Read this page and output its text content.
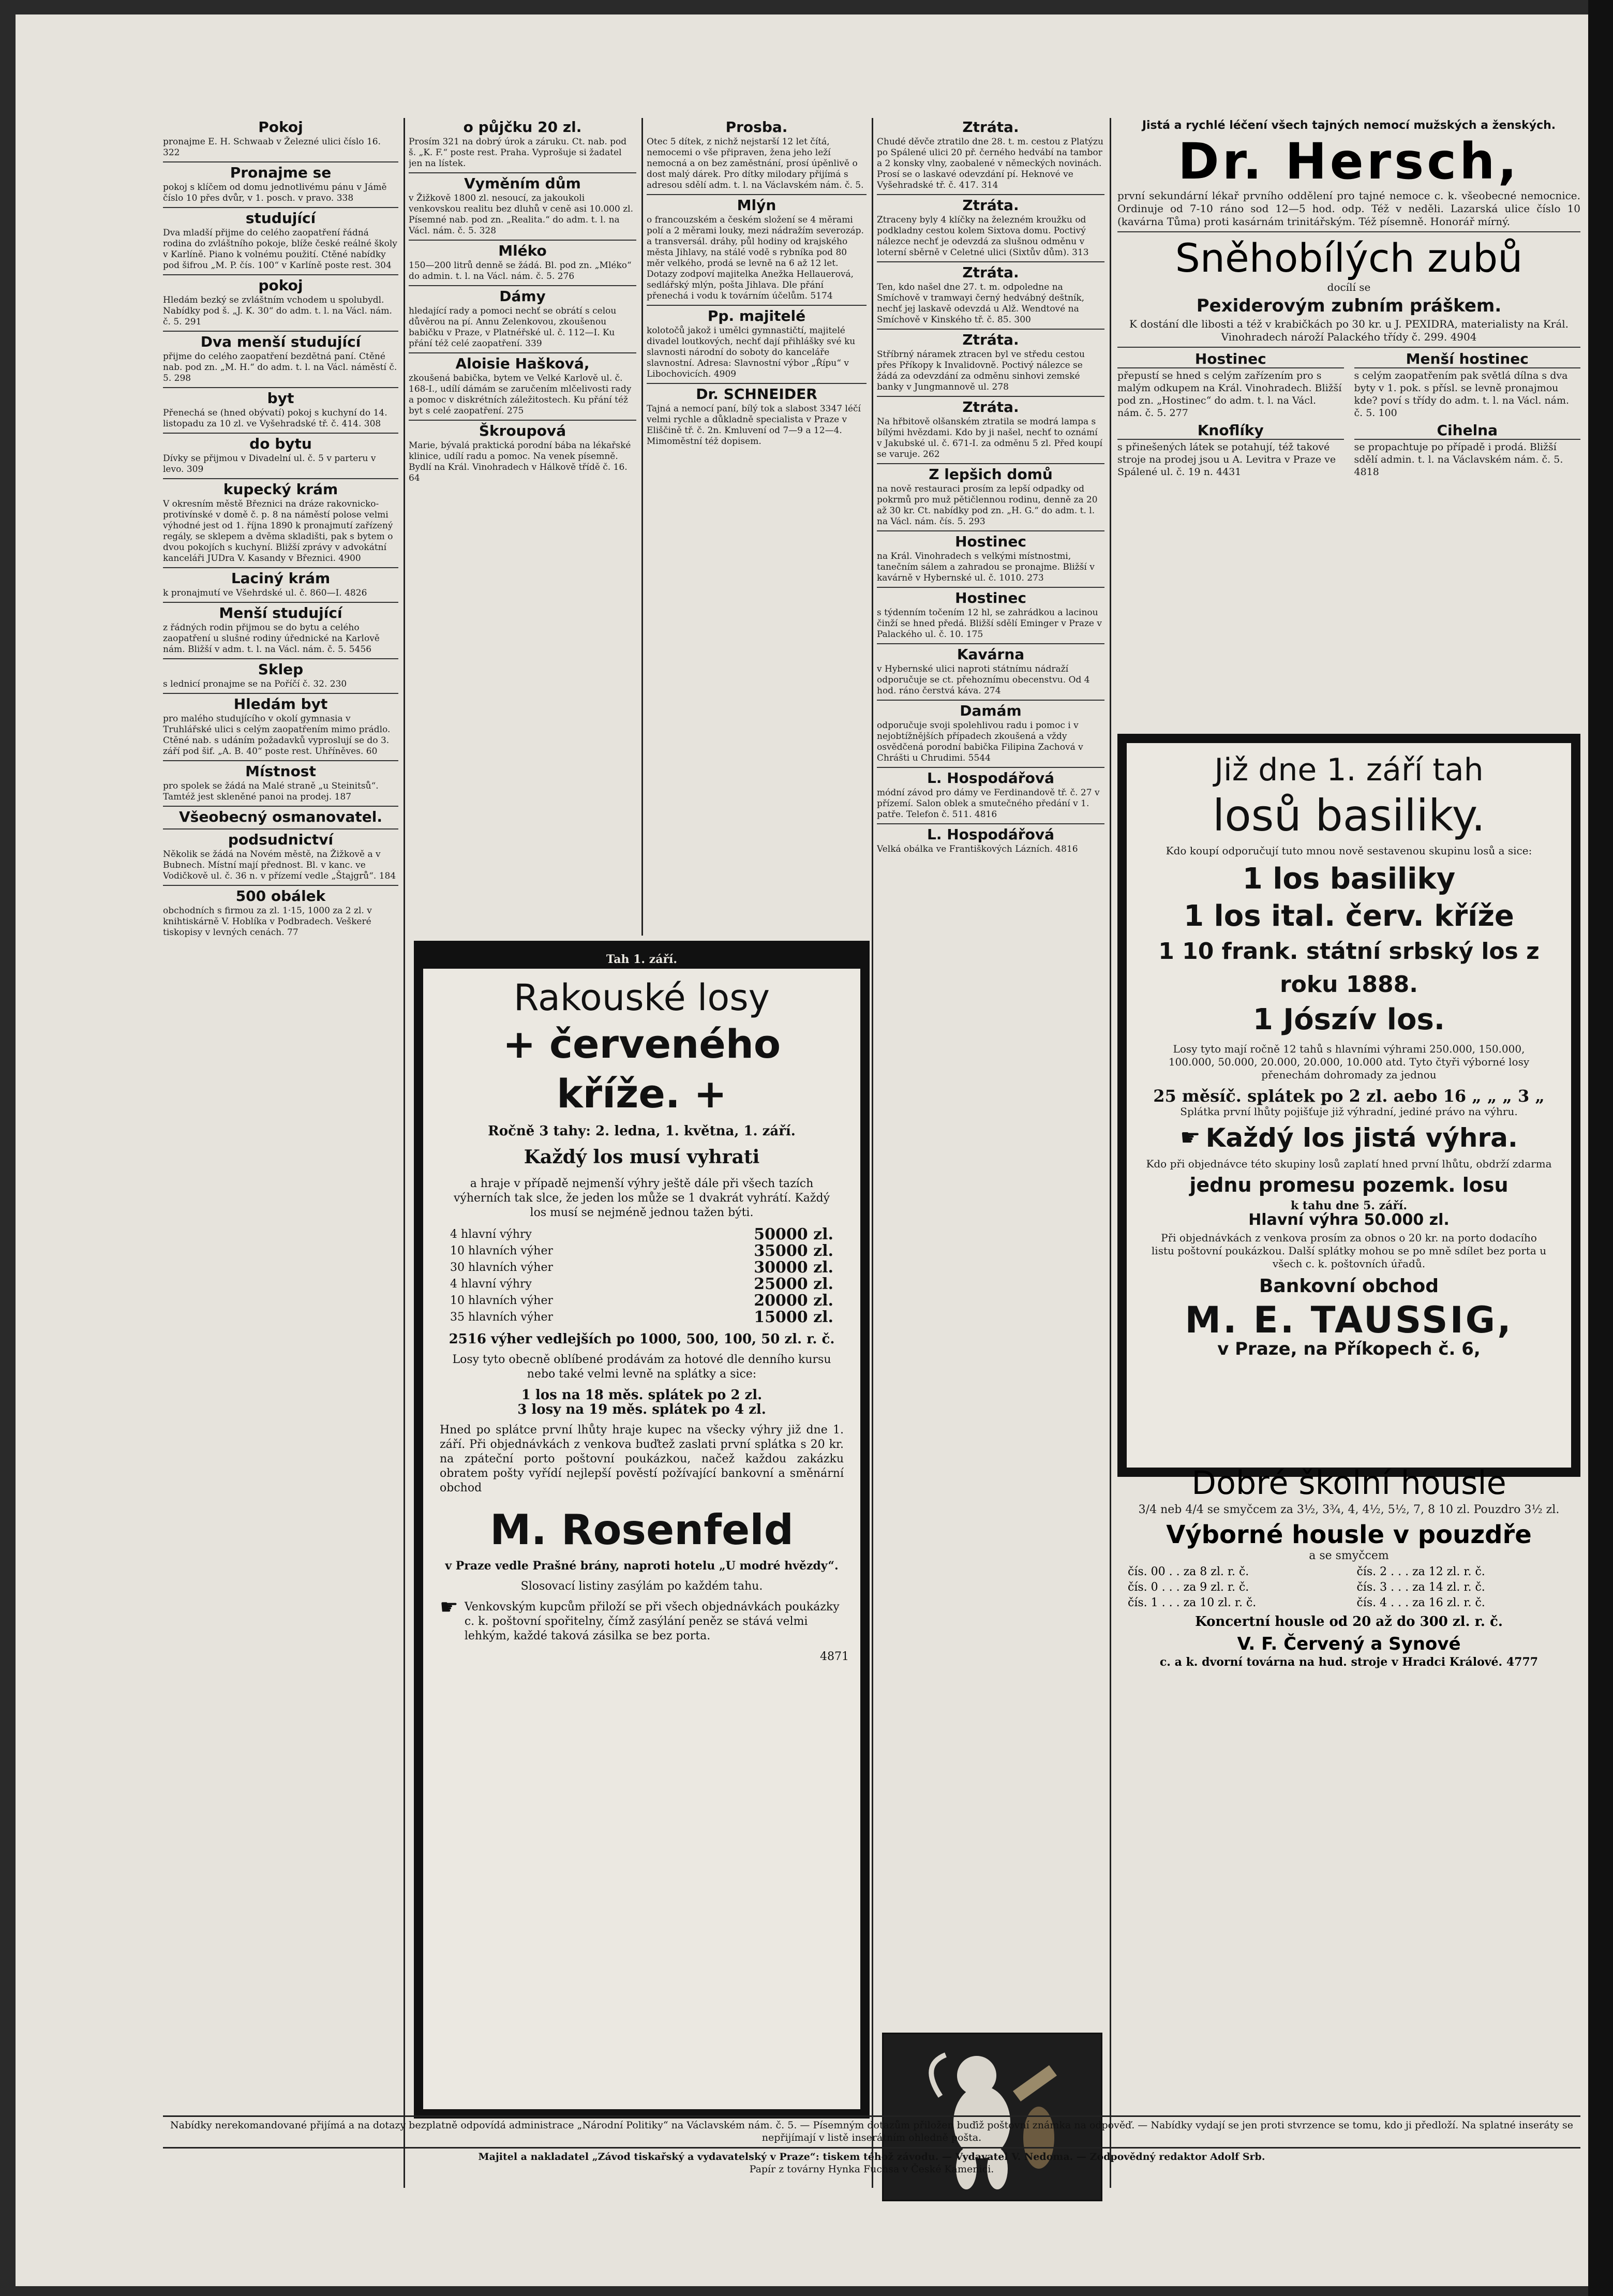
Pokoj
pronajme E. H. Schwaab v Železné ulici číslo 16. 322
Pronajme se
pokoj s klíčem od domu jednotlivému pánu v Jámě číslo 10 přes dvůr, v 1. posch. v pravo. 338
studující
Dva mladší přijme do celého zaopatření řádná rodina do zvláštního pokoje, blíže české reálné školy v Karlíně. Piano k volnému použití. Ctěné nabídky pod šifrou „M. P. čís. 100“ v Karlíně poste rest. 304
pokoj
Hledám bezký se zvláštním vchodem u spolubydl. Nabídky pod š. „J. K. 30“ do adm. t. l. na Václ. nám. č. 5. 291
Dva menší studující
přijme do celého zaopatření bezdětná paní. Ctěné nab. pod zn. „M. H.“ do adm. t. l. na Václ. náměstí č. 5. 298
byt
Přenechá se (hned obývatí) pokoj s kuchyní do 14. listopadu za 10 zl. ve Vyšehradské tř. č. 414. 308
do bytu
Dívky se přijmou v Divadelní ul. č. 5 v parteru v levo. 309
kupecký krám
V okresním městě Březnici na dráze rakovnicko-protivínské v domě č. p. 8 na náměstí polose velmi výhodné jest od 1. října 1890 k pronajmutí zařízený regály, se sklepem a dvěma skladišti, pak s bytem o dvou pokojích s kuchyní. Bližší zprávy v advokátní kanceláři JUDra V. Kasandy v Březnici. 4900
Laciný krám
k pronajmutí ve Všehrdské ul. č. 860—I. 4826
Menší studující
z řádných rodin přijmou se do bytu a celého zaopatření u slušné rodiny úřednické na Karlově nám. Bližší v adm. t. l. na Václ. nám. č. 5. 5456
Sklep
s lednicí pronajme se na Poříčí č. 32. 230
Hledám byt
pro malého studujícího v okolí gymnasia v Truhlářské ulici s celým zaopatřením mimo prádlo. Ctěné nab. s udáním požadavků vyproslují se do 3. září pod šif. „A. B. 40“ poste rest. Uhříněves. 60
Místnost
pro spolek se žádá na Malé straně „u Steinitsů“. Tamtéž jest skleněné panoi na prodej. 187
Všeobecný osmanovatel.
podsudnictví
Několik se žádá na Novém městě, na Žižkově a v Bubnech. Místní mají přednost. Bl. v kanc. ve Vodičkově ul. č. 36 n. v přízemí vedle „Štajgrů“. 184
500 obálek
obchodních s firmou za zl. 1·15, 1000 za 2 zl. v knihtiskárně V. Hoblíka v Podbradech. Veškeré tiskopisy v levných cenách. 77
o půjčku 20 zl.
Prosím 321 na dobrý úrok a záruku. Ct. nab. pod š. „K. F.“ poste rest. Praha. Vyprošuje si žadatel jen na lístek.
Vyměním dům
v Žižkově 1800 zl. nesoucí, za jakoukoli venkovskou realitu bez dluhů v ceně asi 10.000 zl. Písemné nab. pod zn. „Realita.“ do adm. t. l. na Václ. nám. č. 5. 328
Mléko
150—200 litrů denně se žádá. Bl. pod zn. „Mléko“ do admin. t. l. na Václ. nám. č. 5. 276
Dámy
hledající rady a pomoci nechť se obrátí s celou důvěrou na pí. Annu Zelenkovou, zkoušenou babičku v Praze, v Platnéřské ul. č. 112—I. Ku přání též celé zaopatření. 339
Aloisie Hašková,
zkoušená babička, bytem ve Velké Karlově ul. č. 168-I., udílí dámám se zaručením mlčelivosti rady a pomoc v diskrétních záležitostech. Ku přání též byt s celé zaopatření. 275
Škroupová
Marie, bývalá praktická porodní bába na lékařské klinice, udílí radu a pomoc. Na venek písemně. Bydlí na Král. Vinohradech v Hálkově třídě č. 16. 64
Prosba.
Otec 5 dítek, z nichž nejstarší 12 let čítá, nemocemi o vše připraven, žena jeho leží nemocná a on bez zaměstnání, prosí úpěnlivě o dost malý dárek. Pro dítky milodary přijímá s adresou sdělí adm. t. l. na Václavském nám. č. 5.
Mlýn
o francouzském a českém složení se 4 měrami polí a 2 měrami louky, mezi nádražím severozáp. a transversál. dráhy, půl hodiny od krajského města Jihlavy, na stálé vodě s rybníka pod 80 měr velkého, prodá se levně na 6 až 12 let. Dotazy zodpoví majitelka Anežka Hellauerová, sedlářský mlýn, pošta Jihlava. Dle přání přenechá i vodu k továrním účelům. 5174
Pp. majitelé
kolotočů jakož i umělci gymnastičtí, majitelé divadel loutkových, nechť dají přihlášky své ku slavnosti národní do soboty do kanceláře slavnostní. Adresa: Slavnostní výbor „Řípu“ v Libochovicích. 4909
Dr. SCHNEIDER
Tajná a nemocí paní, bílý tok a slabost 3347 léčí velmi rychle a důkladně specialista v Praze v Eliščině tř. č. 2n. Kmluvení od 7—9 a 12—4. Mimoměstní též dopisem.
Tah 1. září.
Rakouské losy
+ červeného kříže. +
Ročně 3 tahy: 2. ledna, 1. května, 1. září.
Každý los musí vyhrati
a hraje v případě nejmenší výhry ještě dále při všech tazích výherních tak slce, že jeden los může se 1 dvakrát vyhrátí. Každý los musí se nejméně jednou tažen býti.
4 hlavní výhry	50000 zl.
10 hlavních výher	35000 zl.
30 hlavních výher	30000 zl.
4 hlavní výhry	25000 zl.
10 hlavních výher	20000 zl.
35 hlavních výher	15000 zl.
2516 výher vedlejších po 1000, 500, 100, 50 zl. r. č.
Losy tyto obecně oblíbené prodávám za hotové dle denního kursu nebo také velmi levně na splátky a sice:
1 los na 18 měs. splátek po 2 zl.
3 losy na 19 měs. splátek po 4 zl.
Hned po splátce první lhůty hraje kupec na všecky výhry již dne 1. září. Při objednávkách z venkova buďtež zaslati první splátka s 20 kr. na zpáteční porto poštovní poukázkou, načež každou zakázku obratem pošty vyřídí nejlepší pověstí požívající bankovní a směnární obchod
M. Rosenfeld
v Praze vedle Prašné brány, naproti hotelu „U modré hvězdy“.
Slosovací listiny zasýlám po každém tahu.
☛ Venkovským kupcům přiloží se při všech objednávkách poukázky c. k. poštovní spořitelny, čímž zasýlání peněz se stává velmi lehkým, každé taková zásilka se bez porta.
4871
Ztráta.
Chudé děvče ztratilo dne 28. t. m. cestou z Platýzu po Spálené ulici 20 př. černého hedvábí na tambor a 2 konsky vlny, zaobalené v německých novinách. Prosí se o laskavé odevzdání pí. Heknové ve Vyšehradské tř. č. 417. 314
Ztráta.
Ztraceny byly 4 klíčky na železném kroužku od podkladny cestou kolem Sixtova domu. Poctivý nálezce nechť je odevzdá za slušnou odměnu v loterní sběrně v Celetné ulici (Sixtův dům). 313
Ztráta.
Ten, kdo našel dne 27. t. m. odpoledne na Smíchově v tramwayi černý hedvábný deštník, nechť jej laskavě odevzdá u Alž. Wendtové na Smíchově v Kinského tř. č. 85. 300
Ztráta.
Stříbrný náramek ztracen byl ve středu cestou přes Příkopy k Invalidovně. Poctivý nálezce se žádá za odevzdání za odměnu sinhovi zemské banky v Jungmannově ul. 278
Ztráta.
Na hřbitově olšanském ztratila se modrá lampa s bílými hvězdami. Kdo by ji našel, nechť to oznámí v Jakubské ul. č. 671-I. za odměnu 5 zl. Před koupí se varuje. 262
Z lepšich domů
na nově restauraci prosím za lepší odpadky od pokrmů pro muž pětičlennou rodinu, denně za 20 až 30 kr. Ct. nabídky pod zn. „H. G.“ do adm. t. l. na Václ. nám. čís. 5. 293
Hostinec
na Král. Vinohradech s velkými místnostmi, tanečním sálem a zahradou se pronajme. Bližší v kavárně v Hybernské ul. č. 1010. 273
Hostinec
s týdenním točením 12 hl, se zahrádkou a lacinou činží se hned předá. Bližší sdělí Eminger v Praze v Palackého ul. č. 10. 175
Kavárna
v Hybernské ulici naproti státnímu nádraží odporučuje se ct. přehoznímu obecenstvu. Od 4 hod. ráno čerstvá káva. 274
Damám
odporučuje svoji spolehlivou radu i pomoc i v nejobtížnějších případech zkoušená a vždy osvědčená porodní babička Filipina Zachová v Chrášti u Chrudimi. 5544
L. Hospodářová
módní závod pro dámy ve Ferdinandově tř. č. 27 v přízemí. Salon oblek a smutečného předání v 1. patře. Telefon č. 511. 4816
L. Hospodářová
Velká obálka ve Františkových Lázních. 4816
Jistá a rychlé léčení všech tajných nemocí mužských a ženských.
Dr. Hersch,
první sekundární lékař prvního oddělení pro tajné nemoce c. k. všeobecné nemocnice. Ordinuje od 7-10 ráno sod 12—5 hod. odp. Též v neděli. Lazarská ulice číslo 10 (kavárna Tůma) proti kasárnám trinitářským. Též písemně. Honorář mírný.
Sněhobílých zubů
docílí se
Pexiderovým zubním práškem.
K dostání dle libosti a též v krabičkách po 30 kr. u J. PEXIDRA, materialisty na Král. Vinohradech nároží Palackého třídy č. 299. 4904
Hostinec
přepustí se hned s celým zařízením pro s malým odkupem na Král. Vinohradech. Bližší pod zn. „Hostinec“ do adm. t. l. na Václ. nám. č. 5. 277
Menší hostinec
s celým zaopatřením pak světlá dílna s dva byty v 1. pok. s přísl. se levně pronajmou kde? poví s třídy do adm. t. l. na Václ. nám. č. 5. 100
Knoflíky
s přinešených látek se potahují, též takové stroje na prodej jsou u A. Levitra v Praze ve Spálené ul. č. 19 n. 4431
Cihelna
se propachtuje po případě i prodá. Bližší sdělí admin. t. l. na Václavském nám. č. 5. 4818
Již dne 1. září tah
losů basiliky.
Kdo koupí odporučují tuto mnou nově sestavenou skupinu losů a sice:
1 los basiliky
1 los ital. červ. kříže
1 10 frank. státní srbský los z roku 1888.
1 Jószív los.
Losy tyto mají ročně 12 tahů s hlavními výhrami 250.000, 150.000, 100.000, 50.000, 20.000, 20.000, 10.000 atd. Tyto čtyři výborné losy přenechám dohromady za jednou
25 měsíč. splátek po 2 zl. aebo 16 „ „ „ 3 „
Splátka první lhůty pojišťuje již výhradní, jediné právo na výhru.
☛ Každý los jistá výhra.
Kdo při objednávce této skupiny losů zaplatí hned první lhůtu, obdrží zdarma
jednu promesu pozemk. losu
k tahu dne 5. září.
Hlavní výhra 50.000 zl.
Při objednávkách z venkova prosím za obnos o 20 kr. na porto dodacího listu poštovní poukázkou. Další splátky mohou se po mně sdílet bez porta u všech c. k. poštovních úřadů.
Bankovní obchod
M. E. TAUSSIG,
v Praze, na Příkopech č. 6,
Dobré školní housle
3/4 neb 4/4 se smyčcem za 3½, 3¾, 4, 4½, 5½, 7, 8 10 zl. Pouzdro 3½ zl.
Výborné housle v pouzdře
a se smyčcem
čís. 00 . . za 8 zl. r. č.	čís. 2 . . . za 12 zl. r. č.
čís. 0 . . . za 9 zl. r. č.	čís. 3 . . . za 14 zl. r. č.
čís. 1 . . . za 10 zl. r. č.	čís. 4 . . . za 16 zl. r. č.
Koncertní housle od 20 až do 300 zl. r. č.
V. F. Červený a Synové
c. a k. dvorní továrna na hud. stroje v Hradci Králové. 4777
Nabídky nerekomandované přijímá a na dotazy bezplatně odpovídá administrace „Národní Politiky“ na Václavském nám. č. 5. — Písemným dotazům přiložen buďiž poštovní známka na odpověď. — Nabídky vydají se jen proti stvrzence se tomu, kdo ji předloží. Na splatné inseráty se nepřijímají v listě inserátním ohledně pošta.
Majitel a nakladatel „Závod tiskařský a vydavatelský v Praze“: tiskem téhož závodu. — Vydavatel V. Nedoma. — Zodpovědný redaktor Adolf Srb.
Papír z továrny Hynka Fuchsa v České Kamenici.
